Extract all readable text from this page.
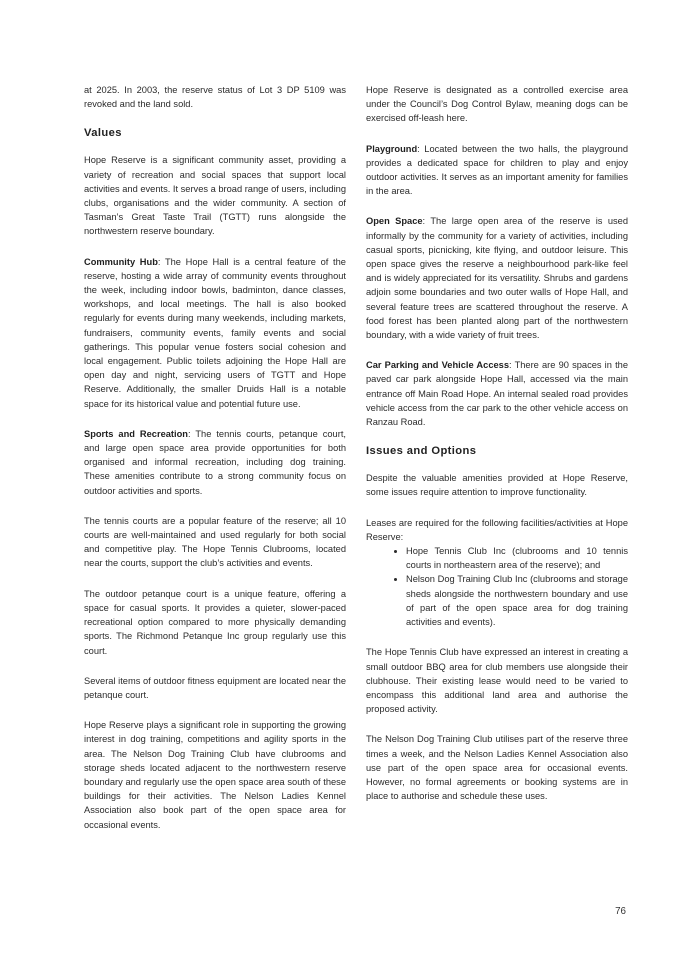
at 2025. In 2003, the reserve status of Lot 3 DP 5109 was revoked and the land sold.

Values

Hope Reserve is a significant community asset, providing a variety of recreation and social spaces that support local activities and events. It serves a broad range of users, including clubs, organisations and the wider community. A section of Tasman’s Great Taste Trail (TGTT) runs alongside the northwestern reserve boundary.

Community Hub: The Hope Hall is a central feature of the reserve, hosting a wide array of community events throughout the week, including indoor bowls, badminton, dance classes, workshops, and local meetings. The hall is also booked regularly for events during many weekends, including markets, fundraisers, community events, family events and social gatherings. This popular venue fosters social cohesion and local engagement. Public toilets adjoining the Hope Hall are open day and night, servicing users of TGTT and Hope Reserve. Additionally, the smaller Druids Hall is a notable space for its historical value and potential future use.

Sports and Recreation: The tennis courts, petanque court, and large open space area provide opportunities for both organised and informal recreation, including dog training. These amenities contribute to a strong community focus on outdoor activities and sports.

The tennis courts are a popular feature of the reserve; all 10 courts are well-maintained and used regularly for both social and competitive play. The Hope Tennis Clubrooms, located near the courts, support the club’s activities and events.

The outdoor petanque court is a unique feature, offering a space for casual sports. It provides a quieter, slower-paced recreational option compared to more physically demanding sports. The Richmond Petanque Inc group regularly use this court.

Several items of outdoor fitness equipment are located near the petanque court.

Hope Reserve plays a significant role in supporting the growing interest in dog training, competitions and agility sports in the area. The Nelson Dog Training Club have clubrooms and storage sheds located adjacent to the northwestern reserve boundary and regularly use the open space area south of these buildings for their activities. The Nelson Ladies Kennel Association also book part of the open space area for occasional events.

Hope Reserve is designated as a controlled exercise area under the Council’s Dog Control Bylaw, meaning dogs can be exercised off-leash here.

Playground: Located between the two halls, the playground provides a dedicated space for children to play and enjoy outdoor activities. It serves as an important amenity for families in the area.

Open Space: The large open area of the reserve is used informally by the community for a variety of activities, including casual sports, picnicking, kite flying, and outdoor leisure. This open space gives the reserve a neighbourhood park-like feel and is widely appreciated for its versatility. Shrubs and gardens adjoin some boundaries and two outer walls of Hope Hall, and several feature trees are scattered throughout the reserve. A food forest has been planted along part of the northwestern boundary, with a wide variety of fruit trees.

Car Parking and Vehicle Access: There are 90 spaces in the paved car park alongside Hope Hall, accessed via the main entrance off Main Road Hope. An internal sealed road provides vehicle access from the car park to the other vehicle access on Ranzau Road.

Issues and Options

Despite the valuable amenities provided at Hope Reserve, some issues require attention to improve functionality.

Leases are required for the following facilities/activities at Hope Reserve:

• Hope Tennis Club Inc (clubrooms and 10 tennis courts in northeastern area of the reserve); and
• Nelson Dog Training Club Inc (clubrooms and storage sheds alongside the northwestern boundary and use of part of the open space area for dog training activities and events).

The Hope Tennis Club have expressed an interest in creating a small outdoor BBQ area for club members use alongside their clubhouse. Their existing lease would need to be varied to encompass this additional land area and authorise the proposed activity.

The Nelson Dog Training Club utilises part of the reserve three times a week, and the Nelson Ladies Kennel Association also use part of the open space area for occasional events. However, no formal agreements or booking systems are in place to authorise and schedule these uses.

76
